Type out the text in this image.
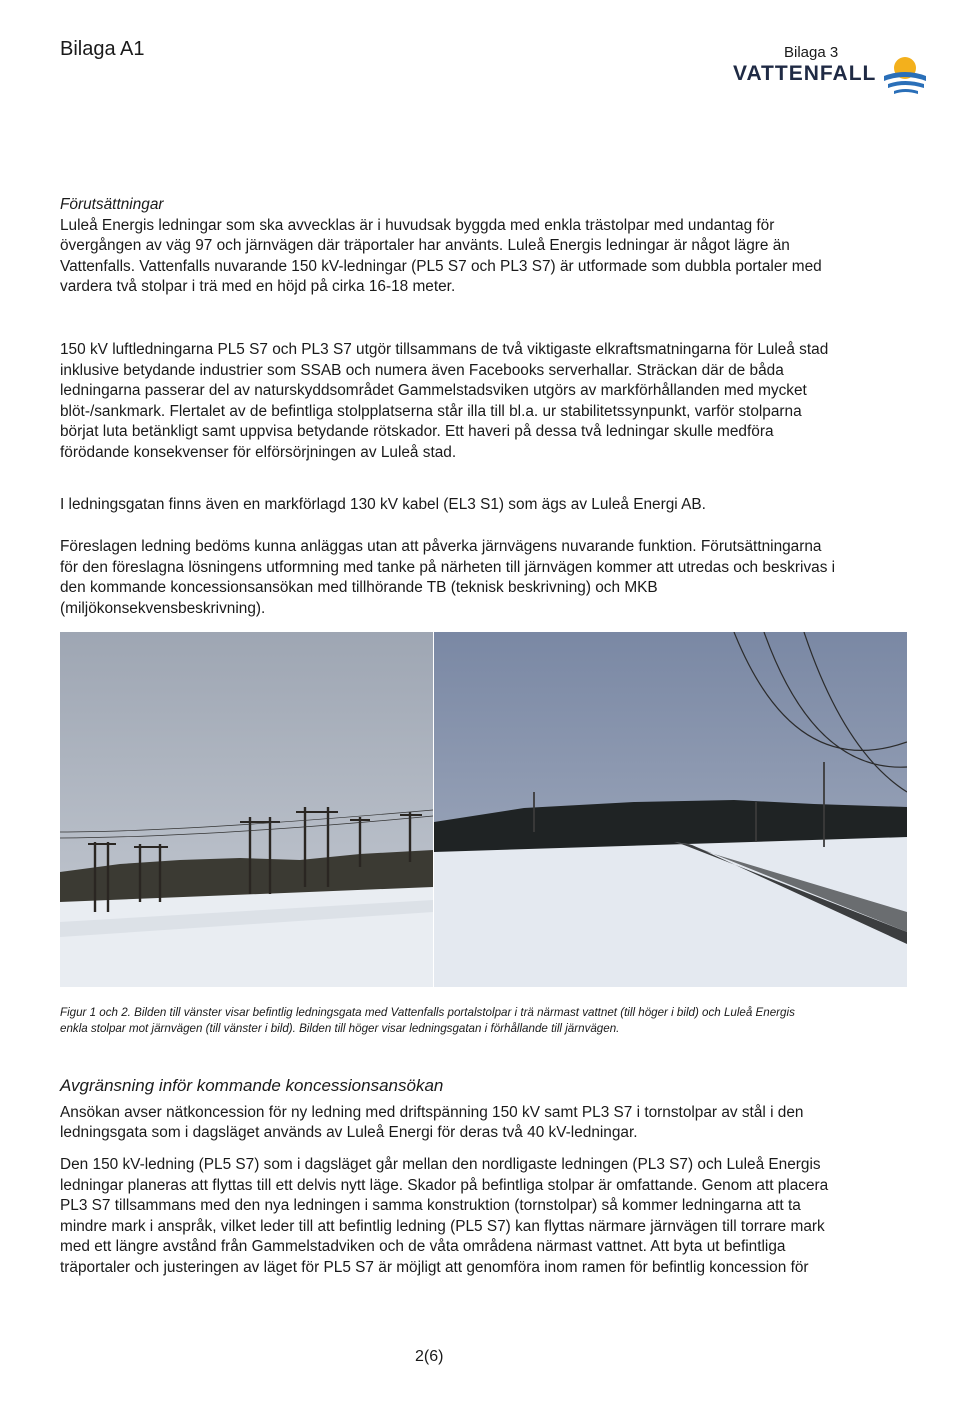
Bilaga A1	Bilaga 3
VATTENFALL

Förutsättningar

Luleå Energis ledningar som ska avvecklas är i huvudsak byggda med enkla trästolpar med undantag för övergången av väg 97 och järnvägen där träportaler har använts. Luleå Energis ledningar är något lägre än Vattenfalls. Vattenfalls nuvarande 150 kV-ledningar (PL5 S7 och PL3 S7) är utformade som dubbla portaler med vardera två stolpar i trä med en höjd på cirka 16-18 meter.

150 kV luftledningarna PL5 S7 och PL3 S7 utgör tillsammans de två viktigaste elkraftsmatningarna för Luleå stad inklusive betydande industrier som SSAB och numera även Facebooks serverhallar. Sträckan där de båda ledningarna passerar del av naturskyddsområdet Gammelstadsviken utgörs av markförhållanden med mycket blöt-/sankmark. Flertalet av de befintliga stolpplatserna står illa till bl.a. ur stabilitetssynpunkt, varför stolparna börjat luta betänkligt samt uppvisa betydande rötskador. Ett haveri på dessa två ledningar skulle medföra förödande konsekvenser för elförsörjningen av Luleå stad.
I ledningsgatan finns även en markförlagd 130 kV kabel (EL3 S1) som ägs av Luleå Energi AB.
Föreslagen ledning bedöms kunna anläggas utan att påverka järnvägens nuvarande funktion. Förutsättningarna för den föreslagna lösningens utformning med tanke på närheten till järnvägen kommer att utredas och beskrivas i den kommande koncessionsansökan med tillhörande TB (teknisk beskrivning) och MKB (miljökonsekvensbeskrivning).
Figur 1 och 2. Bilden till vänster visar befintlig ledningsgata med Vattenfalls portalstolpar i trä närmast vattnet (till höger i bild) och Luleå Energis enkla stolpar mot järnvägen (till vänster i bild). Bilden till höger visar ledningsgatan i förhållande till järnvägen.

Avgränsning inför kommande koncessionsansökan

Ansökan avser nätkoncession för ny ledning med driftspänning 150 kV samt PL3 S7 i tornstolpar av stål i den ledningsgata som i dagsläget används av Luleå Energi för deras två 40 kV-ledningar.

Den 150 kV-ledning (PL5 S7) som i dagsläget går mellan den nordligaste ledningen (PL3 S7) och Luleå Energis ledningar planeras att flyttas till ett delvis nytt läge. Skador på befintliga stolpar är omfattande. Genom att placera PL3 S7 tillsammans med den nya ledningen i samma konstruktion (tornstolpar) så kommer ledningarna att ta mindre mark i anspråk, vilket leder till att befintlig ledning (PL5 S7) kan flyttas närmare järnvägen till torrare mark med ett längre avstånd från Gammelstadviken och de våta områdena närmast vattnet. Att byta ut befintliga träportaler och justeringen av läget för PL5 S7 är möjligt att genomföra inom ramen för befintlig koncession för
2(6)
